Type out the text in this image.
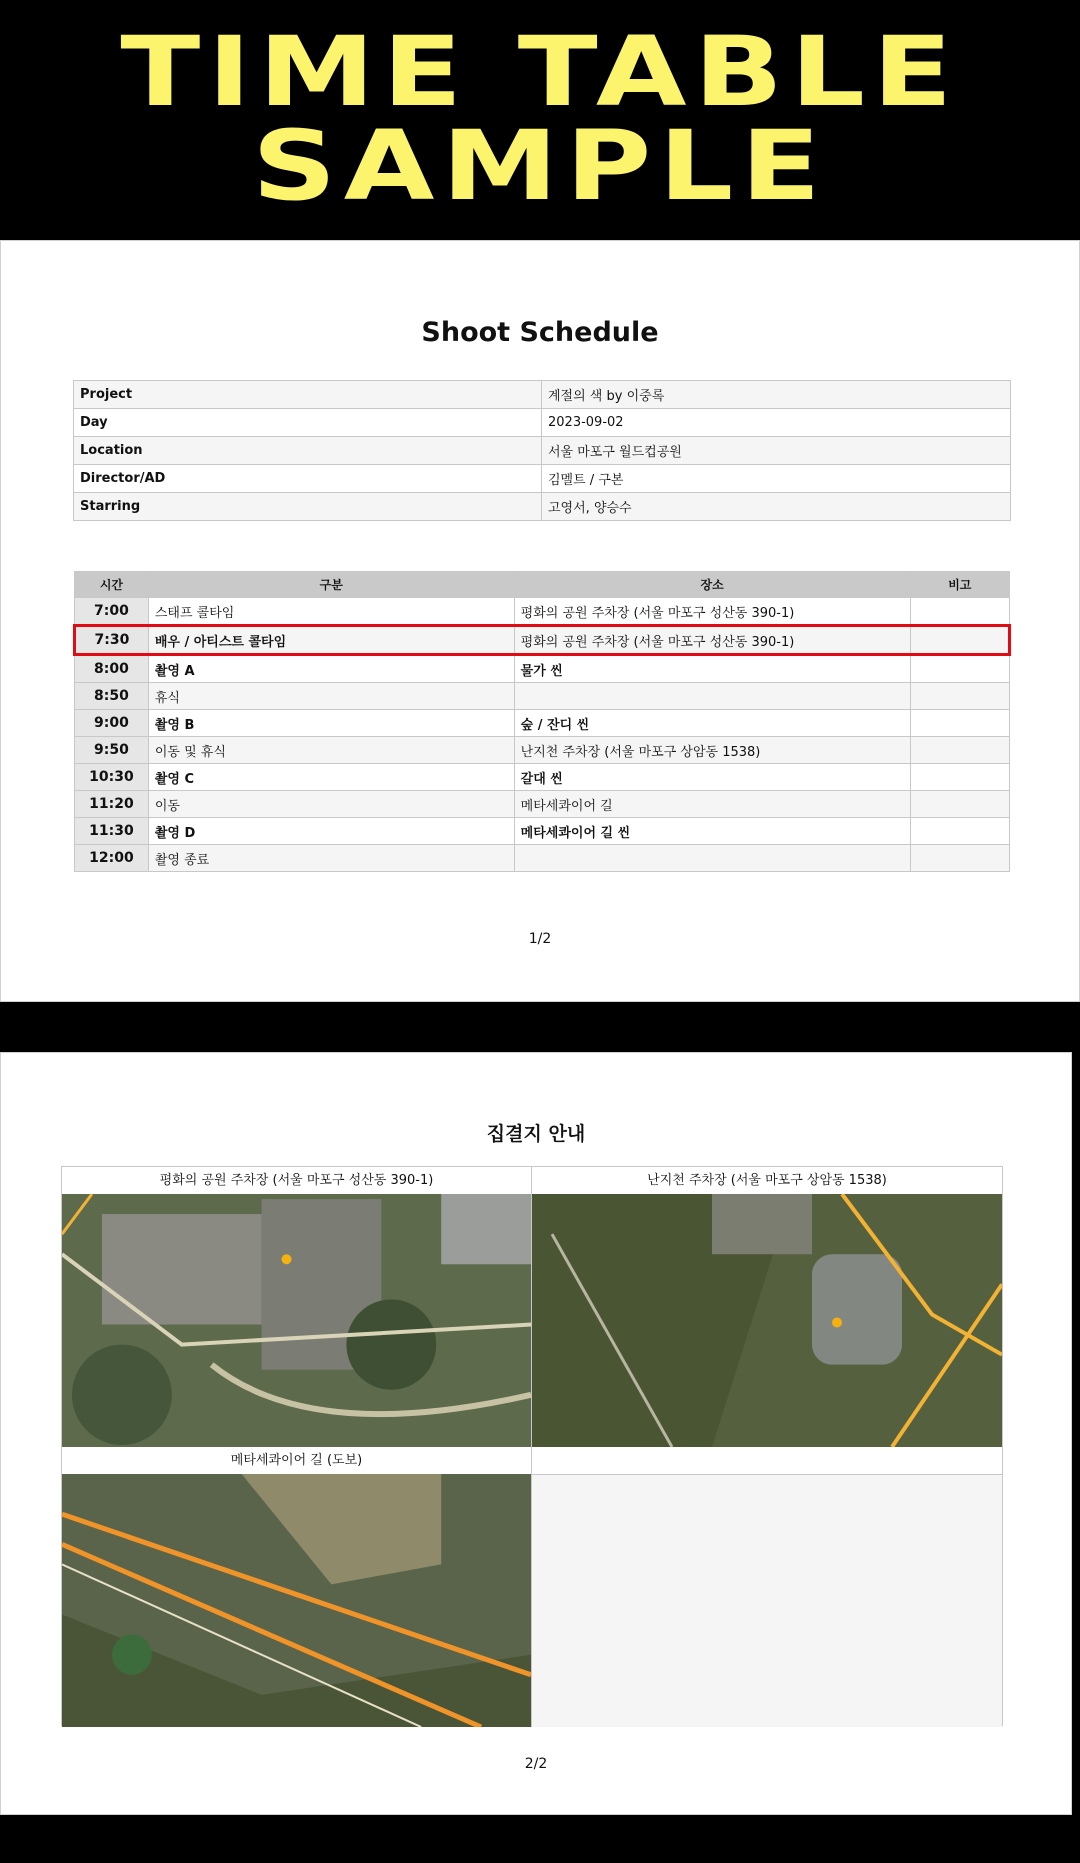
TIME TABLE
SAMPLE
Shoot Schedule
Project	계절의 색 by 이중록
Day	2023-09-02
Location	서울 마포구 월드컵공원
Director/AD	김멜트 / 구본
Starring	고영서, 양승수
시간	구분	장소	비고
7:00	스태프 콜타임	평화의 공원 주차장 (서울 마포구 성산동 390-1)	
7:30	배우 / 아티스트 콜타임	평화의 공원 주차장 (서울 마포구 성산동 390-1)	
8:00	촬영 A	물가 씬	
8:50	휴식		
9:00	촬영 B	숲 / 잔디 씬	
9:50	이동 및 휴식	난지천 주차장 (서울 마포구 상암동 1538)	
10:30	촬영 C	갈대 씬	
11:20	이동	메타세콰이어 길	
11:30	촬영 D	메타세콰이어 길 씬	
12:00	촬영 종료		
1/2
집결지 안내
평화의 공원 주차장 (서울 마포구 성산동 390-1)	난지천 주차장 (서울 마포구 상암동 1538)
메타세콰이어 길 (도보)
2/2
